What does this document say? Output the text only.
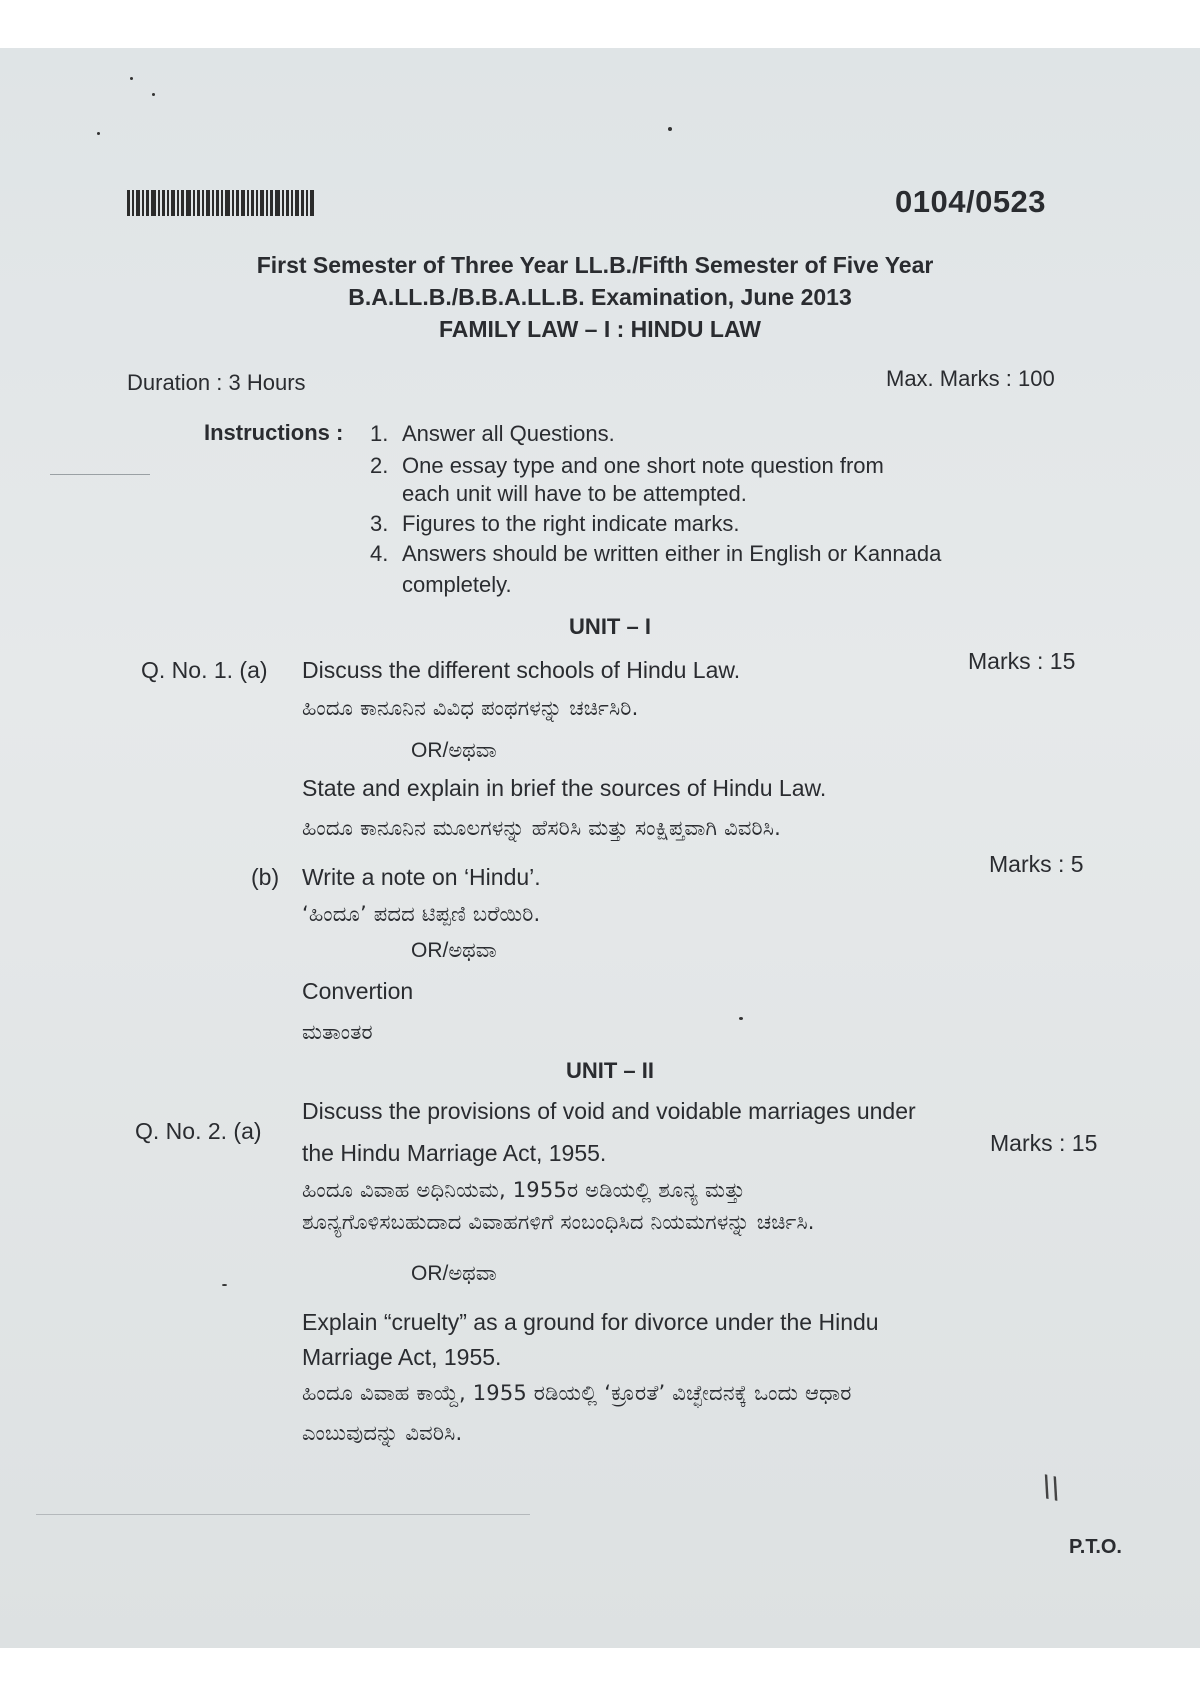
0104/0523
First Semester of Three Year LL.B./Fifth Semester of Five Year
B.A.LL.B./B.B.A.LL.B. Examination, June 2013
FAMILY LAW – I : HINDU LAW
Duration : 3 Hours	Max. Marks : 100
Instructions : 1. Answer all Questions.
2. One essay type and one short note question from
each unit will have to be attempted.
3. Figures to the right indicate marks.
4. Answers should be written either in English or Kannada
completely.
UNIT – I
Q. No. 1. (a) Discuss the different schools of Hindu Law.	Marks : 15
ಹಿಂದೂ ಕಾನೂನಿನ ವಿವಿಧ ಪಂಥಗಳನ್ನು ಚರ್ಚಿಸಿರಿ.
OR/ಅಥವಾ
State and explain in brief the sources of Hindu Law.
ಹಿಂದೂ ಕಾನೂನಿನ ಮೂಲಗಳನ್ನು ಹೆಸರಿಸಿ ಮತ್ತು ಸಂಕ್ಷಿಪ್ತವಾಗಿ ವಿವರಿಸಿ.
(b) Write a note on ‘Hindu’.	Marks : 5
‘ಹಿಂದೂ’ ಪದದ ಟಿಪ್ಪಣಿ ಬರೆಯಿರಿ.
OR/ಅಥವಾ
Convertion
ಮತಾಂತರ
UNIT – II
Q. No. 2. (a)
Discuss the provisions of void and voidable marriages under
the Hindu Marriage Act, 1955.	Marks : 15
ಹಿಂದೂ ವಿವಾಹ ಅಧಿನಿಯಮ, 1955ರ ಅಡಿಯಲ್ಲಿ ಶೂನ್ಯ ಮತ್ತು
ಶೂನ್ಯಗೊಳಿಸಬಹುದಾದ ವಿವಾಹಗಳಿಗೆ ಸಂಬಂಧಿಸಿದ ನಿಯಮಗಳನ್ನು ಚರ್ಚಿಸಿ.
OR/ಅಥವಾ
Explain “cruelty” as a ground for divorce under the Hindu
Marriage Act, 1955.
ಹಿಂದೂ ವಿವಾಹ ಕಾಯ್ದೆ, 1955 ರಡಿಯಲ್ಲಿ ‘ಕ್ರೂರತೆ’ ವಿಚ್ಛೇದನಕ್ಕೆ ಒಂದು ಆಧಾರ
ಎಂಬುವುದನ್ನು ವಿವರಿಸಿ.
\\
P.T.O.
